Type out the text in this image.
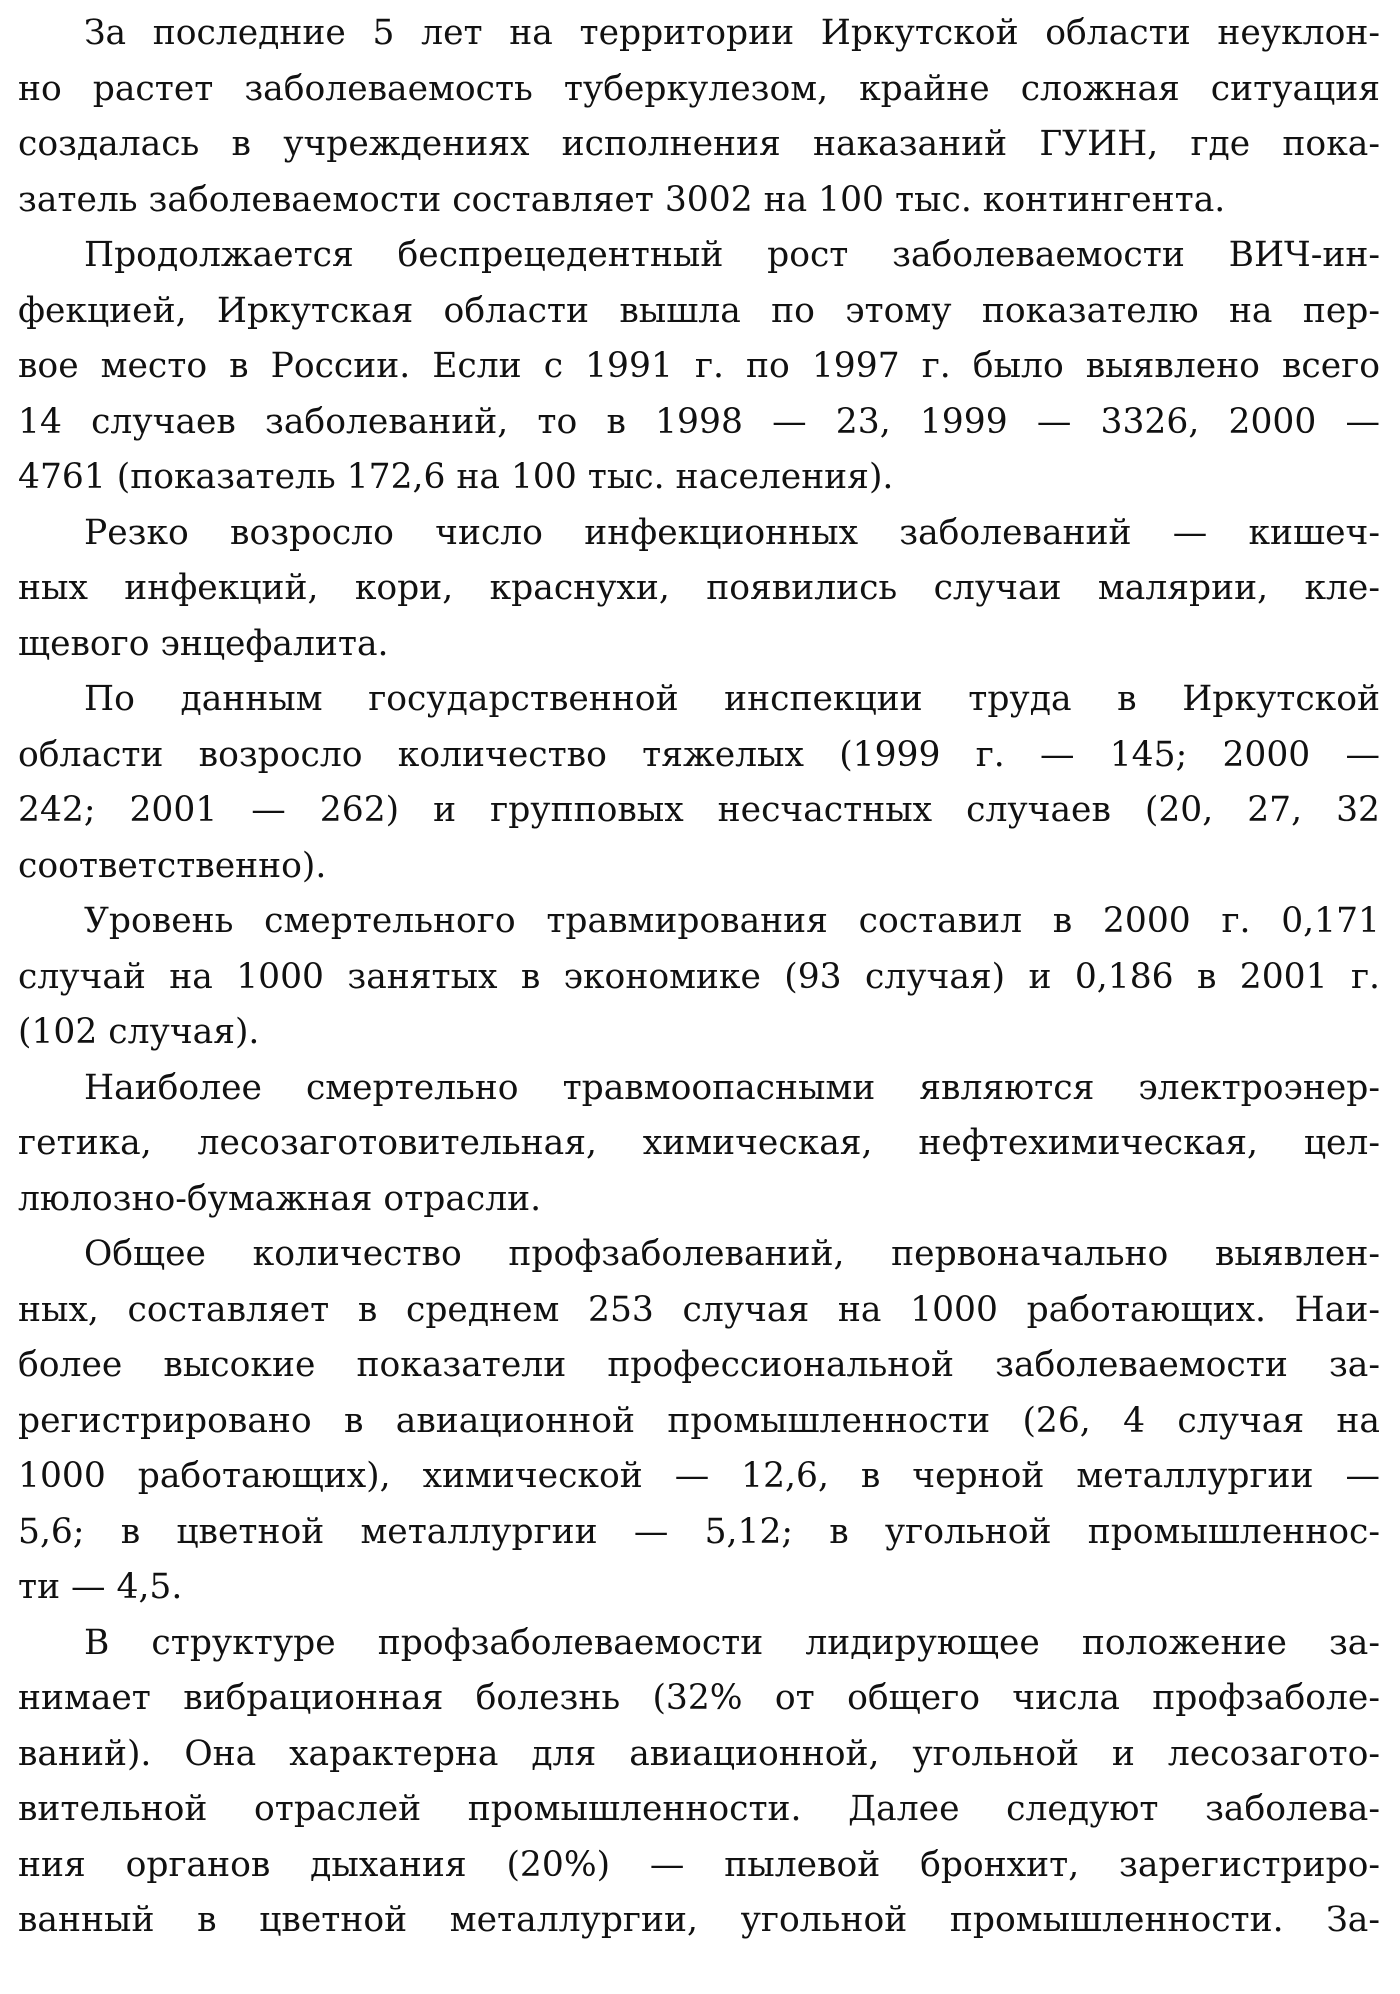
За последние 5 лет на территории Иркутской области неуклон-
но растет заболеваемость туберкулезом, крайне сложная ситуация
создалась в учреждениях исполнения наказаний ГУИН, где пока-
затель заболеваемости составляет 3002 на 100 тыс. контингента.

Продолжается беспрецедентный рост заболеваемости ВИЧ-ин-
фекцией, Иркутская области вышла по этому показателю на пер-
вое место в России. Если с 1991 г. по 1997 г. было выявлено всего
14 случаев заболеваний, то в 1998 — 23, 1999 — 3326, 2000 —
4761 (показатель 172,6 на 100 тыс. населения).

Резко возросло число инфекционных заболеваний — кишеч-
ных инфекций, кори, краснухи, появились случаи малярии, кле-
щевого энцефалита.

По данным государственной инспекции труда в Иркутской
области возросло количество тяжелых (1999 г. — 145; 2000 —
242; 2001 — 262) и групповых несчастных случаев (20, 27, 32
соответственно).

Уровень смертельного травмирования составил в 2000 г. 0,171
случай на 1000 занятых в экономике (93 случая) и 0,186 в 2001 г.
(102 случая).

Наиболее смертельно травмоопасными являются электроэнер-
гетика, лесозаготовительная, химическая, нефтехимическая, цел-
люлозно-бумажная отрасли.

Общее количество профзаболеваний, первоначально выявлен-
ных, составляет в среднем 253 случая на 1000 работающих. Наи-
более высокие показатели профессиональной заболеваемости за-
регистрировано в авиационной промышленности (26, 4 случая на
1000 работающих), химической — 12,6, в черной металлургии —
5,6; в цветной металлургии — 5,12; в угольной промышленнос-
ти — 4,5.

В структуре профзаболеваемости лидирующее положение за-
нимает вибрационная болезнь (32% от общего числа профзаболе-
ваний). Она характерна для авиационной, угольной и лесозагото-
вительной отраслей промышленности. Далее следуют заболева-
ния органов дыхания (20%) — пылевой бронхит, зарегистриро-
ванный в цветной металлургии, угольной промышленности. За-
